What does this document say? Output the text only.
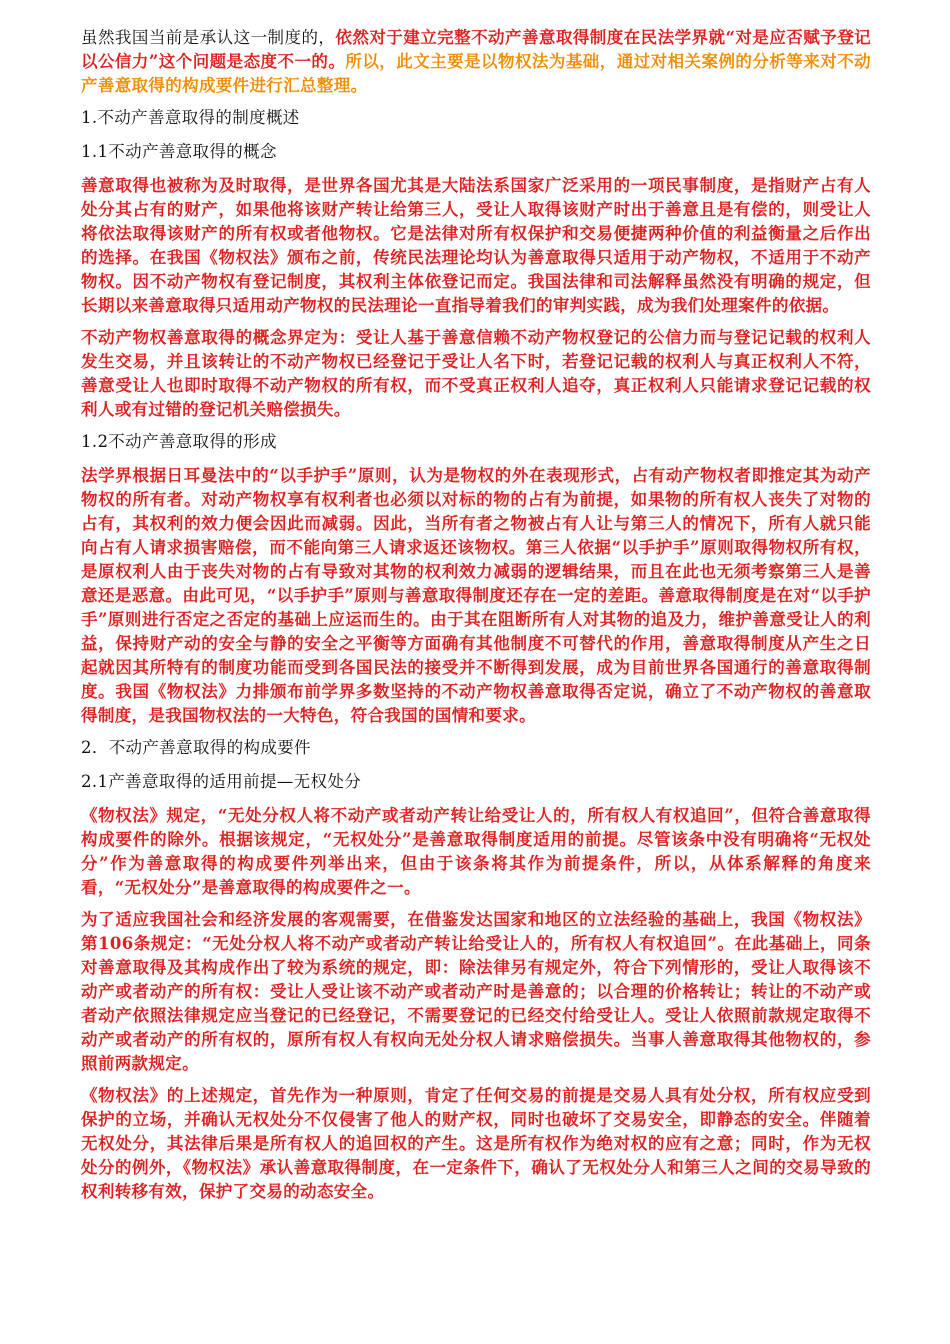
虽然我国当前是承认这一制度的，依然对于建立完整不动产善意取得制度在民法学界就“对是应否赋予登记以公信力”这个问题是态度不一的。所以，此文主要是以物权法为基础，通过对相关案例的分析等来对不动产善意取得的构成要件进行汇总整理。

1.不动产善意取得的制度概述

1.1不动产善意取得的概念

善意取得也被称为及时取得，是世界各国尤其是大陆法系国家广泛采用的一项民事制度，是指财产占有人处分其占有的财产，如果他将该财产转让给第三人，受让人取得该财产时出于善意且是有偿的，则受让人将依法取得该财产的所有权或者他物权。它是法律对所有权保护和交易便捷两种价值的利益衡量之后作出的选择。在我国《物权法》颁布之前，传统民法理论均认为善意取得只适用于动产物权，不适用于不动产物权。因不动产物权有登记制度，其权利主体依登记而定。我国法律和司法解释虽然没有明确的规定，但长期以来善意取得只适用动产物权的民法理论一直指导着我们的审判实践，成为我们处理案件的依据。

不动产物权善意取得的概念界定为：受让人基于善意信赖不动产物权登记的公信力而与登记记载的权利人发生交易，并且该转让的不动产物权已经登记于受让人名下时，若登记记载的权利人与真正权利人不符，善意受让人也即时取得不动产物权的所有权，而不受真正权利人追夺，真正权利人只能请求登记记载的权利人或有过错的登记机关赔偿损失。

1.2不动产善意取得的形成

法学界根据日耳曼法中的“以手护手”原则，认为是物权的外在表现形式，占有动产物权者即推定其为动产物权的所有者。对动产物权享有权利者也必须以对标的物的占有为前提，如果物的所有权人丧失了对物的占有，其权利的效力便会因此而减弱。因此，当所有者之物被占有人让与第三人的情况下，所有人就只能向占有人请求损害赔偿，而不能向第三人请求返还该物权。第三人依据“以手护手”原则取得物权所有权，是原权利人由于丧失对物的占有导致对其物的权利效力减弱的逻辑结果，而且在此也无须考察第三人是善意还是恶意。由此可见，“以手护手”原则与善意取得制度还存在一定的差距。善意取得制度是在对“以手护手”原则进行否定之否定的基础上应运而生的。由于其在阻断所有人对其物的追及力，维护善意受让人的利益，保持财产动的安全与静的安全之平衡等方面确有其他制度不可替代的作用，善意取得制度从产生之日起就因其所特有的制度功能而受到各国民法的接受并不断得到发展，成为目前世界各国通行的善意取得制度。我国《物权法》力排颁布前学界多数坚持的不动产物权善意取得否定说，确立了不动产物权的善意取得制度，是我国物权法的一大特色，符合我国的国情和要求。

2．不动产善意取得的构成要件

2.1产善意取得的适用前提—无权处分

《物权法》规定，“无处分权人将不动产或者动产转让给受让人的，所有权人有权追回”，但符合善意取得构成要件的除外。根据该规定，“无权处分”是善意取得制度适用的前提。尽管该条中没有明确将“无权处分”作为善意取得的构成要件列举出来，但由于该条将其作为前提条件，所以，从体系解释的角度来看，“无权处分”是善意取得的构成要件之一。

为了适应我国社会和经济发展的客观需要，在借鉴发达国家和地区的立法经验的基础上，我国《物权法》第106条规定：“无处分权人将不动产或者动产转让给受让人的，所有权人有权追回”。在此基础上，同条对善意取得及其构成作出了较为系统的规定，即：除法律另有规定外，符合下列情形的，受让人取得该不动产或者动产的所有权：受让人受让该不动产或者动产时是善意的；以合理的价格转让；转让的不动产或者动产依照法律规定应当登记的已经登记，不需要登记的已经交付给受让人。受让人依照前款规定取得不动产或者动产的所有权的，原所有权人有权向无处分权人请求赔偿损失。当事人善意取得其他物权的，参照前两款规定。

《物权法》的上述规定，首先作为一种原则，肯定了任何交易的前提是交易人具有处分权，所有权应受到保护的立场，并确认无权处分不仅侵害了他人的财产权，同时也破坏了交易安全，即静态的安全。伴随着无权处分，其法律后果是所有权人的追回权的产生。这是所有权作为绝对权的应有之意；同时，作为无权处分的例外，《物权法》承认善意取得制度，在一定条件下，确认了无权处分人和第三人之间的交易导致的权利转移有效，保护了交易的动态安全。
